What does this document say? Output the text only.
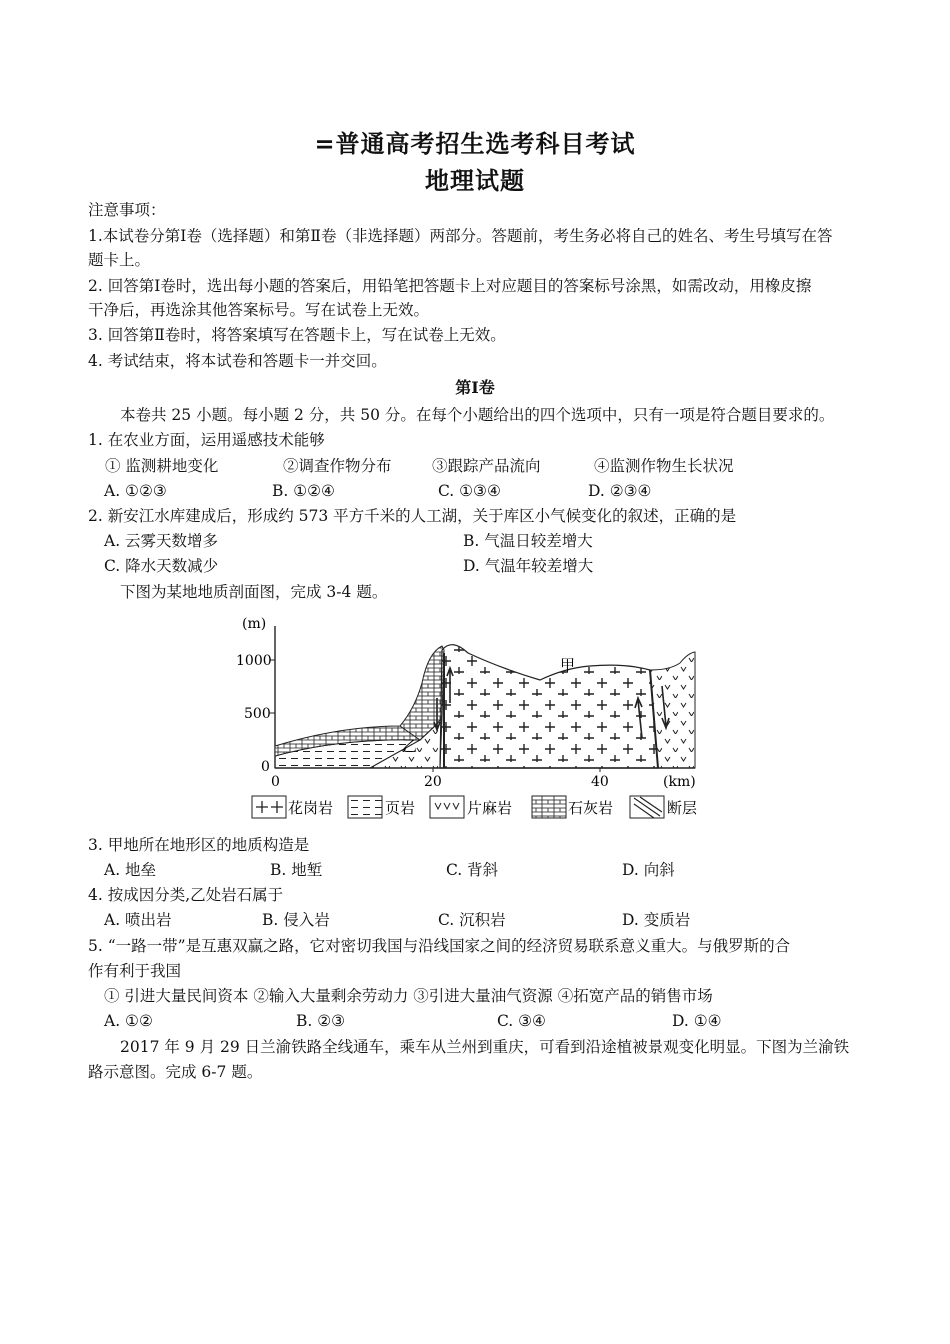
=普通高考招生选考科目考试
地理试题
注意事项：
1.本试卷分第Ⅰ卷（选择题）和第Ⅱ卷（非选择题）两部分。答题前，考生务必将自己的姓名、考生号填写在答
题卡上。
2. 回答第Ⅰ卷时，选出每小题的答案后，用铅笔把答题卡上对应题目的答案标号涂黑，如需改动，用橡皮擦
干净后，再选涂其他答案标号。写在试卷上无效。
3. 回答第Ⅱ卷时，将答案填写在答题卡上，写在试卷上无效。
4. 考试结束，将本试卷和答题卡一并交回。
第Ⅰ卷
本卷共 25 小题。每小题 2 分，共 50 分。在每个小题给出的四个选项中，只有一项是符合题目要求的。
1. 在农业方面，运用遥感技术能够
① 监测耕地变化	②调查作物分布	③跟踪产品流向	④监测作物生长状况
A. ①②③	B. ①②④	C. ①③④	D. ②③④
2. 新安江水库建成后，形成约 573 平方千米的人工湖，关于库区小气候变化的叙述，正确的是
A. 云雾天数增多	B. 气温日较差增大
C. 降水天数减少	D. 气温年较差增大
下图为某地地质剖面图，完成 3-4 题。
(m)
1000
500
0
0	20	40	(km)
甲
乙
花岗岩	页岩	片麻岩	石灰岩	断层
3. 甲地所在地形区的地质构造是
A. 地垒	B. 地堑	C. 背斜	D. 向斜
4. 按成因分类,乙处岩石属于
A. 喷出岩	B. 侵入岩	C. 沉积岩	D. 变质岩
5. “一路一带”是互惠双赢之路，它对密切我国与沿线国家之间的经济贸易联系意义重大。与俄罗斯的合
作有利于我国
① 引进大量民间资本 ②输入大量剩余劳动力 ③引进大量油气资源 ④拓宽产品的销售市场
A. ①②	B. ②③	C. ③④	D. ①④
2017 年 9 月 29 日兰渝铁路全线通车，乘车从兰州到重庆，可看到沿途植被景观变化明显。下图为兰渝铁
路示意图。完成 6-7 题。
